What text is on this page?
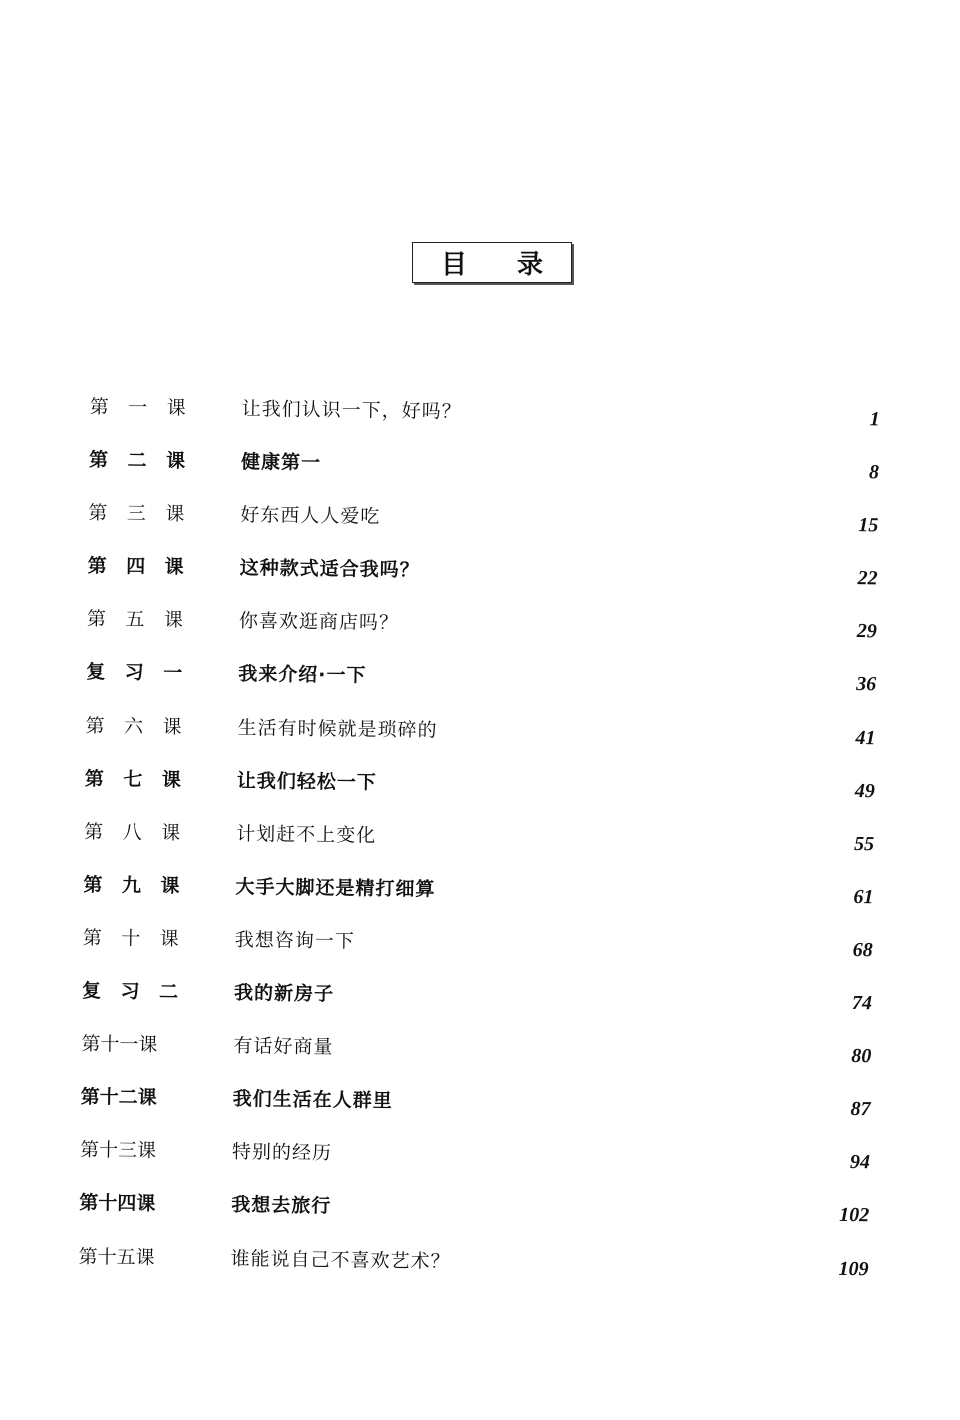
目 录
第 一 课	让我们认识一下，好吗？	1
第 二 课	健康第一	8
第 三 课	好东西人人爱吃	15
第 四 课	这种款式适合我吗？	22
第 五 课	你喜欢逛商店吗？	29
复 习 一	我来介绍·一下	36
第 六 课	生活有时候就是琐碎的	41
第 七 课	让我们轻松一下	49
第 八 课	计划赶不上变化	55
第 九 课	大手大脚还是精打细算	61
第 十 课	我想咨询一下	68
复 习 二	我的新房子	74
第十一课	有话好商量	80
第十二课	我们生活在人群里	87
第十三课	特别的经历	94
第十四课	我想去旅行	102
第十五课	谁能说自己不喜欢艺术？	109
